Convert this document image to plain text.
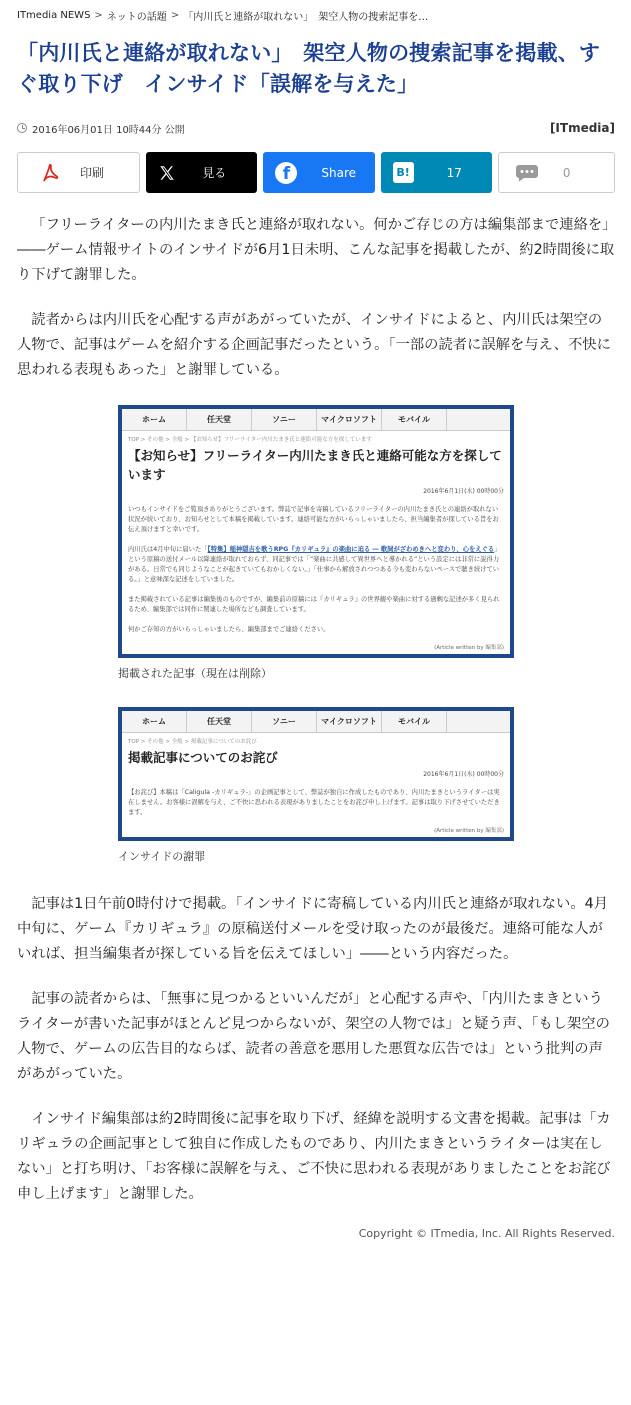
ITmedia NEWS > ネットの話題 > 「内川氏と連絡が取れない」　架空人物の捜索記事を…
「内川氏と連絡が取れない」　架空人物の捜索記事を掲載、すぐ取り下げ　インサイド「誤解を与えた」
2016年06月01日 10時44分 公開	[ITmedia]
印刷	見る	f	Share	B!	17	0

「フリーライターの内川たまき氏と連絡が取れない。何かご存じの方は編集部まで連絡を」――ゲーム情報サイトのインサイドが6月1日未明、こんな記事を掲載したが、約2時間後に取り下げて謝罪した。

読者からは内川氏を心配する声があがっていたが、インサイドによると、内川氏は架空の人物で、記事はゲームを紹介する企画記事だったという。「一部の読者に誤解を与え、不快に思われる表現もあった」と謝罪している。

ホーム	任天堂	ソニー	マイクロソフト	モバイル
TOP > その他 > 全般 > 【お知らせ】フリーライター内川たまき氏と連絡可能な方を探しています
【お知らせ】フリーライター内川たまき氏と連絡可能な方を探しています
2016年6月1日(水) 00時00分
いつもインサイドをご覧頂きありがとうございます。弊誌で記事を寄稿しているフリーライターの内川たまき氏との連絡が取れない状況が続いており、お知らせとして本稿を掲載しています。連絡可能な方がいらっしゃいましたら、担当編集者が探している旨をお伝え頂けますと幸いです。
内川氏は4月中旬に届いた「【特集】稲神隠吉を歌うRPG『カリギュラ』の楽曲に迫る ― 歌詞がざわめきへと変わり、心をえぐる」という原稿の送付メール以降連絡が取れておらず、同記事では「“楽曲に共感して異世界へと導かれる”という設定には非常に説得力がある。日常でも同じようなことが起きていてもおかしくない。」「仕事から解放されつつある今も変わらないペースで聴き続けている。」と意味深な記述をしていました。
また掲載されている記事は編集後のものですが、編集前の原稿には『カリギュラ』の世界観や楽曲に対する過剰な記述が多く見られるため、編集部では同作に関連した場所なども調査しています。
何かご存知の方がいらっしゃいましたら、編集部までご連絡ください。
(Article written by 編集部)
掲載された記事（現在は削除）
ホーム	任天堂	ソニー	マイクロソフト	モバイル
TOP > その他 > 全般 > 掲載記事についてのお詫び
掲載記事についてのお詫び
2016年6月1日(水) 00時00分
【お詫び】本稿は「Caligula -カリギュラ-」の企画記事として、弊誌が独自に作成したものであり、内川たまきというライターは実在しません。お客様に誤解を与え、ご不快に思われる表現がありましたことをお詫び申し上げます。記事は取り下げさせていただきます。
(Article written by 編集部)
インサイドの謝罪

記事は1日午前0時付けで掲載。「インサイドに寄稿している内川氏と連絡が取れない。4月中旬に、ゲーム『カリギュラ』の原稿送付メールを受け取ったのが最後だ。連絡可能な人がいれば、担当編集者が探している旨を伝えてほしい」――という内容だった。

記事の読者からは、「無事に見つかるといいんだが」と心配する声や、「内川たまきというライターが書いた記事がほとんど見つからないが、架空の人物では」と疑う声、「もし架空の人物で、ゲームの広告目的ならば、読者の善意を悪用した悪質な広告では」という批判の声があがっていた。

インサイド編集部は約2時間後に記事を取り下げ、経緯を説明する文書を掲載。記事は「カリギュラの企画記事として独自に作成したものであり、内川たまきというライターは実在しない」と打ち明け、「お客様に誤解を与え、ご不快に思われる表現がありましたことをお詫び申し上げます」と謝罪した。

Copyright © ITmedia, Inc. All Rights Reserved.
